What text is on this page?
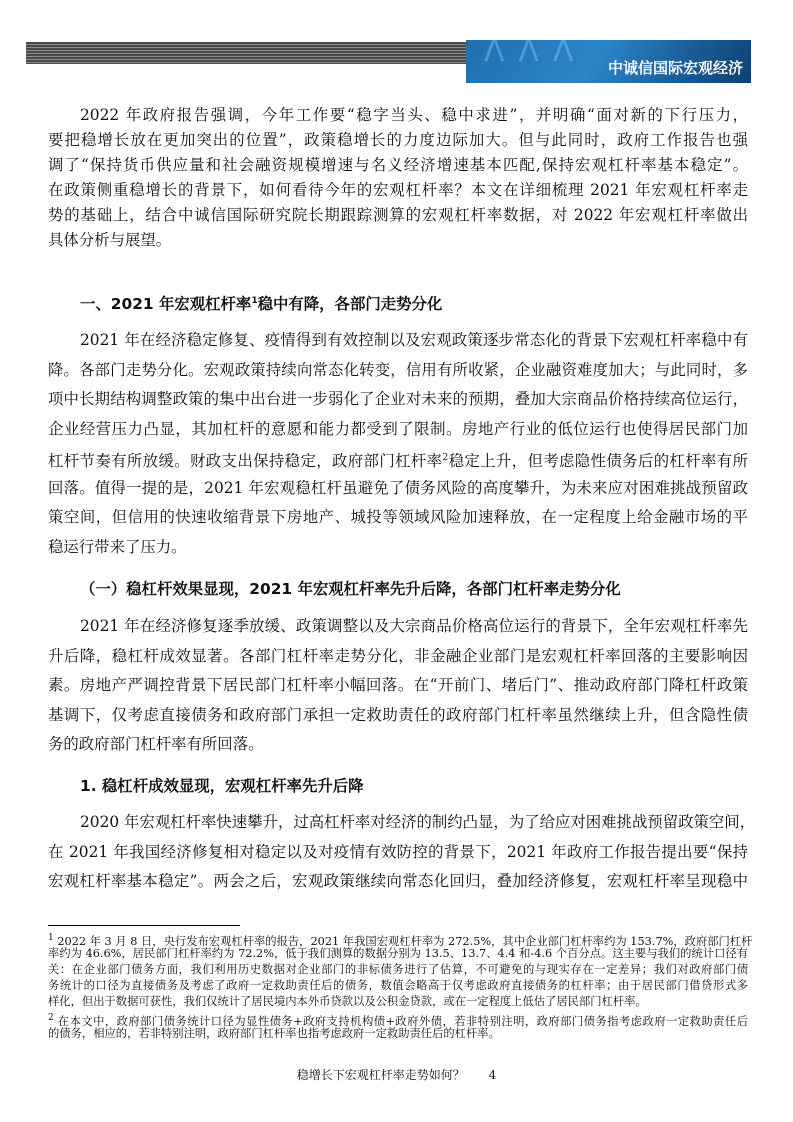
ΛΛΛ 中诚信国际宏观经济
2022 年政府报告强调，今年工作要“稳字当头、稳中求进”，并明确“面对新的下行压力，
要把稳增长放在更加突出的位置”，政策稳增长的力度边际加大。但与此同时，政府工作报告也强
调了“保持货币供应量和社会融资规模增速与名义经济增速基本匹配,保持宏观杠杆率基本稳定”。
在政策侧重稳增长的背景下，如何看待今年的宏观杠杆率？本文在详细梳理 2021 年宏观杠杆率走
势的基础上，结合中诚信国际研究院长期跟踪测算的宏观杠杆率数据，对 2022 年宏观杠杆率做出
具体分析与展望。
一、2021 年宏观杠杆率$^1$稳中有降，各部门走势分化
2021 年在经济稳定修复、疫情得到有效控制以及宏观政策逐步常态化的背景下宏观杠杆率稳中有
降。各部门走势分化。宏观政策持续向常态化转变，信用有所收紧，企业融资难度加大；与此同时，多
项中长期结构调整政策的集中出台进一步弱化了企业对未来的预期，叠加大宗商品价格持续高位运行，
企业经营压力凸显，其加杠杆的意愿和能力都受到了限制。房地产行业的低位运行也使得居民部门加
杠杆节奏有所放缓。财政支出保持稳定，政府部门杠杆率$^2$稳定上升，但考虑隐性债务后的杠杆率有所
回落。值得一提的是，2021 年宏观稳杠杆虽避免了债务风险的高度攀升，为未来应对困难挑战预留政
策空间，但信用的快速收缩背景下房地产、城投等领域风险加速释放，在一定程度上给金融市场的平
稳运行带来了压力。
（一）稳杠杆效果显现，2021 年宏观杠杆率先升后降，各部门杠杆率走势分化
2021 年在经济修复逐季放缓、政策调整以及大宗商品价格高位运行的背景下，全年宏观杠杆率先
升后降，稳杠杆成效显著。各部门杠杆率走势分化，非金融企业部门是宏观杠杆率回落的主要影响因
素。房地产严调控背景下居民部门杠杆率小幅回落。在“开前门、堵后门”、推动政府部门降杠杆政策
基调下，仅考虑直接债务和政府部门承担一定救助责任的政府部门杠杆率虽然继续上升，但含隐性债
务的政府部门杠杆率有所回落。
1. 稳杠杆成效显现，宏观杠杆率先升后降
2020 年宏观杠杆率快速攀升，过高杠杆率对经济的制约凸显，为了给应对困难挑战预留政策空间，
在 2021 年我国经济修复相对稳定以及对疫情有效防控的背景下，2021 年政府工作报告提出要“保持
宏观杠杆率基本稳定”。两会之后，宏观政策继续向常态化回归，叠加经济修复，宏观杠杆率呈现稳中
$^1$ 2022 年 3 月 8 日，央行发布宏观杠杆率的报告，2021 年我国宏观杠杆率为 272.5%，其中企业部门杠杆率约为 153.7%，政府部门杠杆
率约为 46.6%，居民部门杠杆率约为 72.2%，低于我们测算的数据分别为 13.5、13.7、4.4 和-4.6 个百分点。这主要与我们的统计口径有
关：在企业部门债务方面，我们利用历史数据对企业部门的非标债务进行了估算，不可避免的与现实存在一定差异；我们对政府部门债
务统计的口径为直接债务及考虑了政府一定救助责任后的债务，数值会略高于仅考虑政府直接债务的杠杆率；由于居民部门借贷形式多
样化，但出于数据可获性，我们仅统计了居民境内本外币贷款以及公积金贷款，或在一定程度上低估了居民部门杠杆率。
$^2$ 在本文中，政府部门债务统计口径为显性债务+政府支持机构债+政府外债，若非特别注明，政府部门债务指考虑政府一定救助责任后
的债务，相应的，若非特别注明，政府部门杠杆率也指考虑政府一定救助责任后的杠杆率。
稳增长下宏观杠杆率走势如何？ 4
